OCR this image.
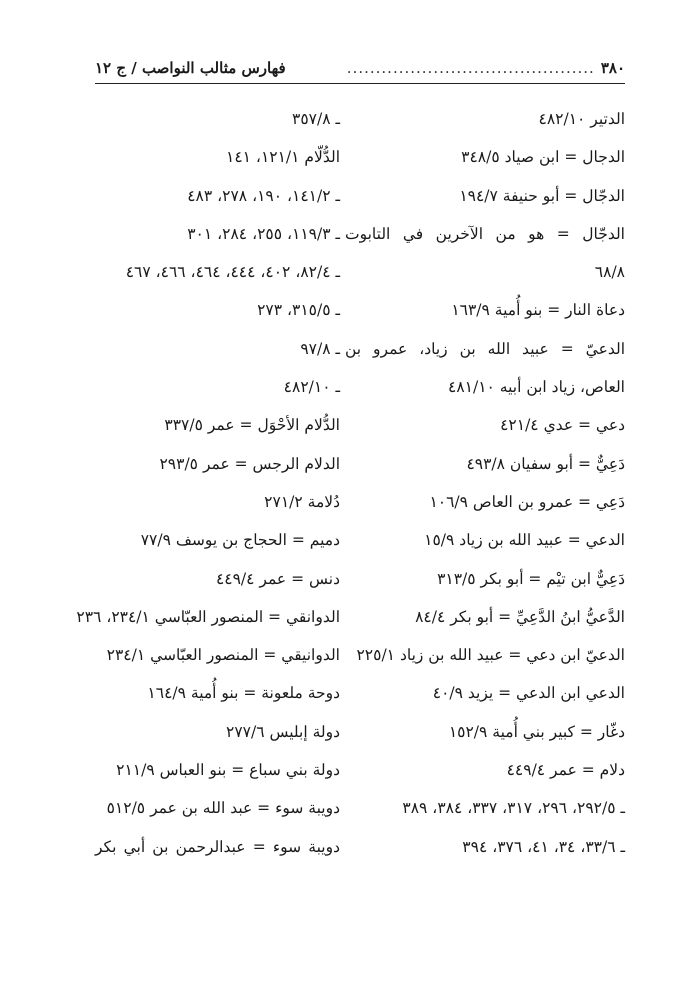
٣٨٠
...........................................
فهارس مثالب النواصب / ج ١٢
الدتير ٤٨٢/١٠
الدجال = ابن صياد ٣٤٨/٥
الدجّال = أبو حنيفة ١٩٤/٧
الدجّال = هو من الآخرين في التابوت
٦٨/٨
دعاة النار = بنو أُمية ١٦٣/٩
الدعيّ = عبيد الله بن زياد، عمرو بن
العاص، زياد ابن أبيه ٤٨١/١٠
دعي = عدي ٤٢١/٤
دَعِيٌّ = أبو سفيان ٤٩٣/٨
دَعِي = عمرو بن العاص ١٠٦/٩
الدعي = عبيد الله بن زياد ١٥/٩
دَعِيٌّ ابن تيْم = أبو بكر ٣١٣/٥
الدَّعيُّ ابنُ الدَّعِيِّ = أبو بكر ٨٤/٤
الدعيّ ابن دعي = عبيد الله بن زياد ٢٢٥/١
الدعي ابن الدعي = يزيد ٤٠/٩
دغّار = كبير بني أُمية ١٥٢/٩
دلام = عمر ٤٤٩/٤
ـ ٢٩٢/٥، ٢٩٦، ٣١٧، ٣٣٧، ٣٨٤، ٣٨٩
ـ ٣٣/٦، ٣٤، ٤١، ٣٧٦، ٣٩٤
ـ ٣٥٧/٨
الدُّلّام ١٢١/١، ١٤١
ـ ١٤١/٢، ١٩٠، ٢٧٨، ٤٨٣
ـ ١١٩/٣، ٢٥٥، ٢٨٤، ٣٠١
ـ ٨٢/٤، ٤٠٢، ٤٤٤، ٤٦٤، ٤٦٦، ٤٦٧
ـ ٣١٥/٥، ٢٧٣
ـ ٩٧/٨
ـ ٤٨٢/١٠
الدُّلام الأحْوَل = عمر ٣٣٧/٥
الدلام الرجس = عمر ٢٩٣/٥
دُلامة ٢٧١/٢
دميم = الحجاج بن يوسف ٧٧/٩
دنس = عمر ٤٤٩/٤
الدوانقي = المنصور العبّاسي ٢٣٤/١، ٢٣٦
الدوانيقي = المنصور العبّاسي ٢٣٤/١
دوحة ملعونة = بنو أُمية ١٦٤/٩
دولة إبليس ٢٧٧/٦
دولة بني سباع = بنو العباس ٢١١/٩
دويبة سوء = عبد الله بن عمر ٥١٢/٥
دويبة سوء = عبدالرحمن بن أبي بكر
